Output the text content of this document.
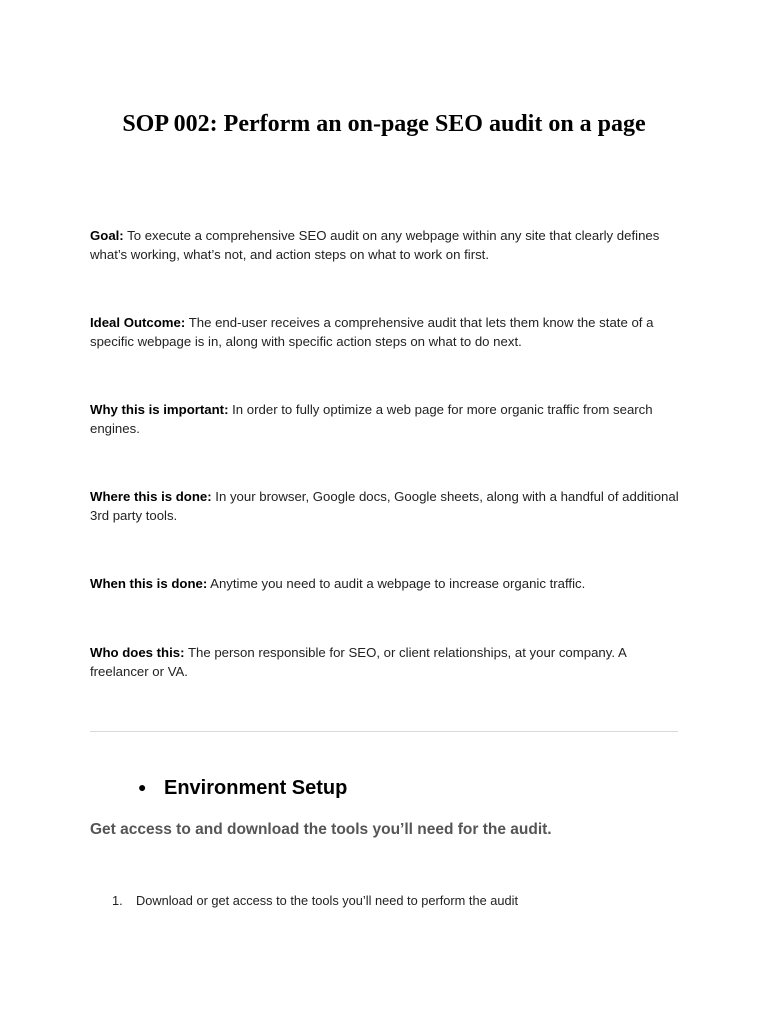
SOP 002: Perform an on-page SEO audit on a page

Goal: To execute a comprehensive SEO audit on any webpage within any site that clearly defines what’s working, what’s not, and action steps on what to work on first.

Ideal Outcome: The end-user receives a comprehensive audit that lets them know the state of a specific webpage is in, along with specific action steps on what to do next.

Why this is important: In order to fully optimize a web page for more organic traffic from search engines.

Where this is done: In your browser, Google docs, Google sheets, along with a handful of additional 3rd party tools.

When this is done: Anytime you need to audit a webpage to increase organic traffic.

Who does this: The person responsible for SEO, or client relationships, at your company. A freelancer or VA.

● Environment Setup

Get access to and download the tools you’ll need for the audit.

1. Download or get access to the tools you’ll need to perform the audit
